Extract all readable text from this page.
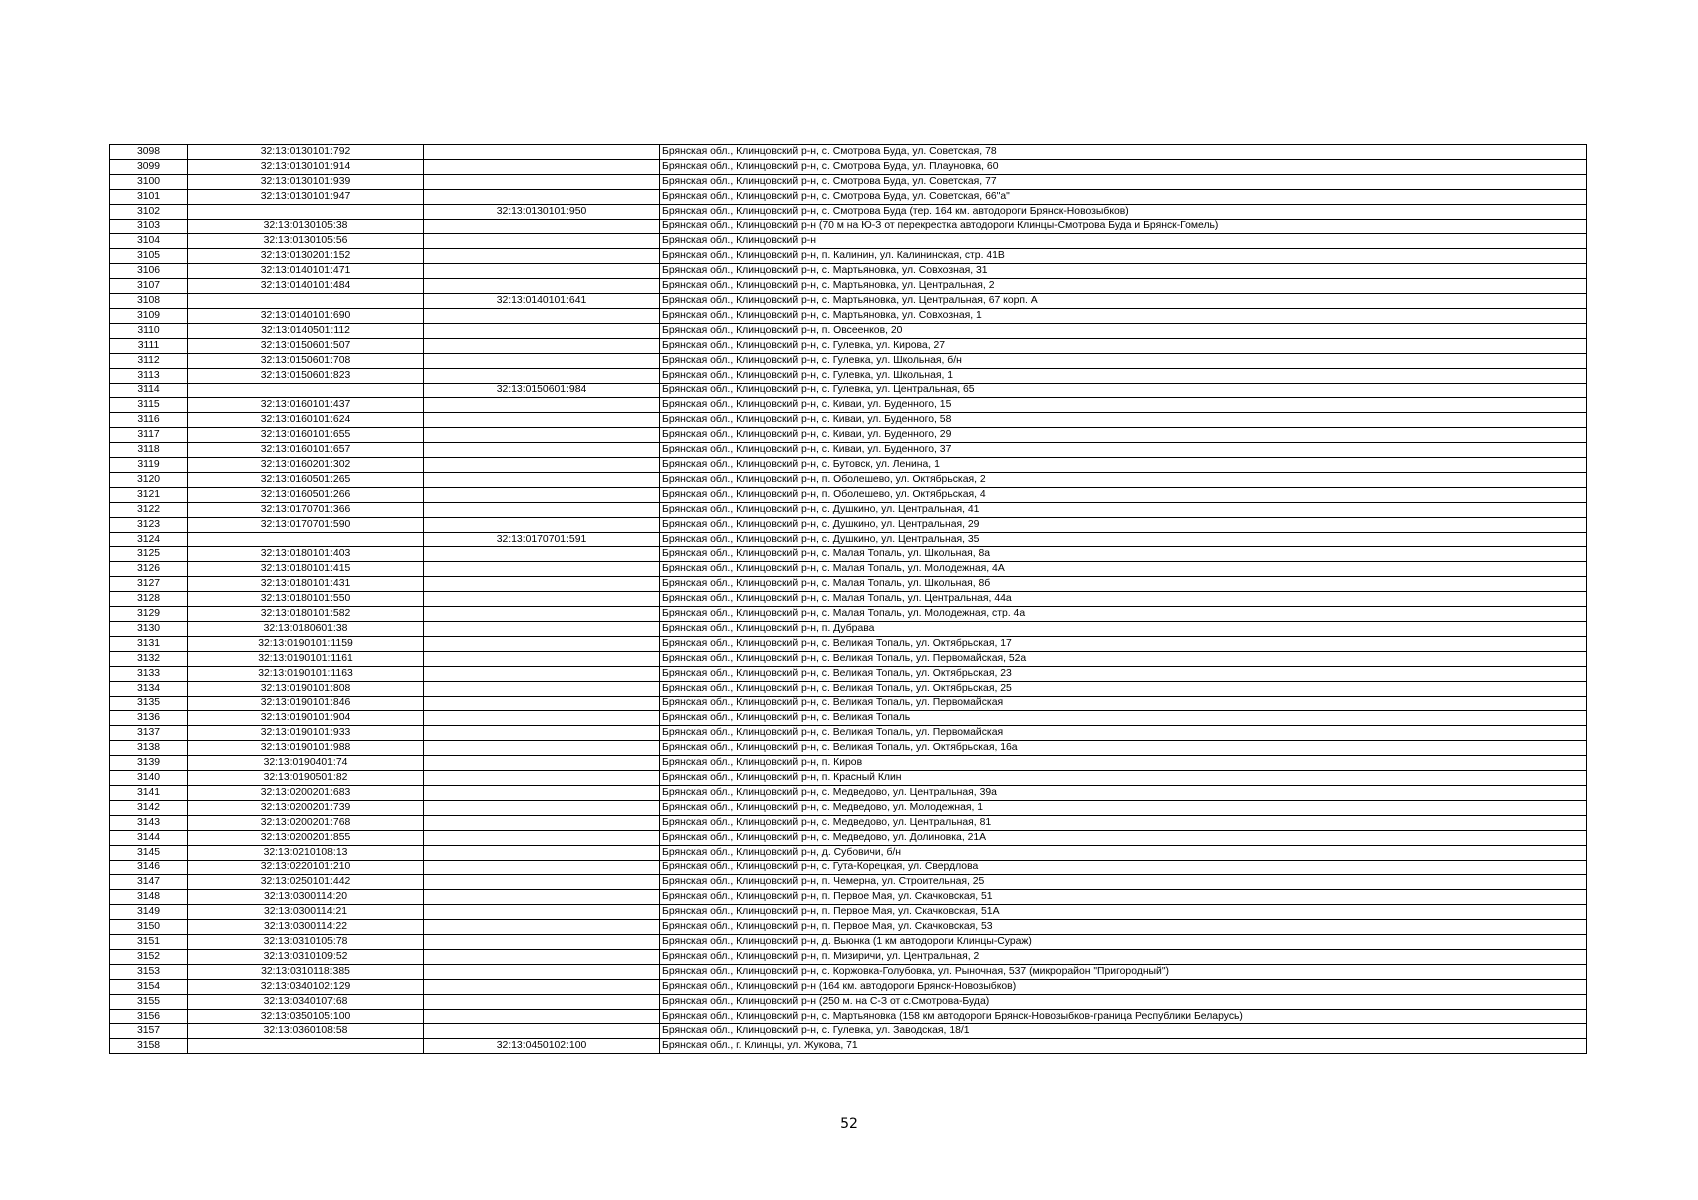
3098	32:13:0130101:792		Брянская обл., Клинцовский р-н, с. Смотрова Буда, ул. Советская, 78
3099	32:13:0130101:914		Брянская обл., Клинцовский р-н, с. Смотрова Буда, ул. Плауновка, 60
3100	32:13:0130101:939		Брянская обл., Клинцовский р-н, с. Смотрова Буда, ул. Советская, 77
3101	32:13:0130101:947		Брянская обл., Клинцовский р-н, с. Смотрова Буда, ул. Советская, 66"а"
3102		32:13:0130101:950	Брянская обл., Клинцовский р-н, с. Смотрова Буда (тер. 164 км. автодороги Брянск-Новозыбков)
3103	32:13:0130105:38		Брянская обл., Клинцовский р-н (70 м на Ю-З от перекрестка автодороги Клинцы-Смотрова Буда и Брянск-Гомель)
3104	32:13:0130105:56		Брянская обл., Клинцовский р-н
3105	32:13:0130201:152		Брянская обл., Клинцовский р-н, п. Калинин, ул. Калининская, стр. 41В
3106	32:13:0140101:471		Брянская обл., Клинцовский р-н, с. Мартьяновка, ул. Совхозная, 31
3107	32:13:0140101:484		Брянская обл., Клинцовский р-н, с. Мартьяновка, ул. Центральная, 2
3108		32:13:0140101:641	Брянская обл., Клинцовский р-н, с. Мартьяновка, ул. Центральная, 67 корп. А
3109	32:13:0140101:690		Брянская обл., Клинцовский р-н, с. Мартьяновка, ул. Совхозная, 1
3110	32:13:0140501:112		Брянская обл., Клинцовский р-н, п. Овсеенков, 20
3111	32:13:0150601:507		Брянская обл., Клинцовский р-н, с. Гулевка, ул. Кирова, 27
3112	32:13:0150601:708		Брянская обл., Клинцовский р-н, с. Гулевка, ул. Школьная, б/н
3113	32:13:0150601:823		Брянская обл., Клинцовский р-н, с. Гулевка, ул. Школьная, 1
3114		32:13:0150601:984	Брянская обл., Клинцовский р-н, с. Гулевка, ул. Центральная, 65
3115	32:13:0160101:437		Брянская обл., Клинцовский р-н, с. Киваи, ул. Буденного, 15
3116	32:13:0160101:624		Брянская обл., Клинцовский р-н, с. Киваи, ул. Буденного, 58
3117	32:13:0160101:655		Брянская обл., Клинцовский р-н, с. Киваи, ул. Буденного, 29
3118	32:13:0160101:657		Брянская обл., Клинцовский р-н, с. Киваи, ул. Буденного, 37
3119	32:13:0160201:302		Брянская обл., Клинцовский р-н, с. Бутовск, ул. Ленина, 1
3120	32:13:0160501:265		Брянская обл., Клинцовский р-н, п. Оболешево, ул. Октябрьская, 2
3121	32:13:0160501:266		Брянская обл., Клинцовский р-н, п. Оболешево, ул. Октябрьская, 4
3122	32:13:0170701:366		Брянская обл., Клинцовский р-н, с. Душкино, ул. Центральная, 41
3123	32:13:0170701:590		Брянская обл., Клинцовский р-н, с. Душкино, ул. Центральная, 29
3124		32:13:0170701:591	Брянская обл., Клинцовский р-н, с. Душкино, ул. Центральная, 35
3125	32:13:0180101:403		Брянская обл., Клинцовский р-н, с. Малая Топаль, ул. Школьная, 8а
3126	32:13:0180101:415		Брянская обл., Клинцовский р-н, с. Малая Топаль, ул. Молодежная, 4А
3127	32:13:0180101:431		Брянская обл., Клинцовский р-н, с. Малая Топаль, ул. Школьная, 8б
3128	32:13:0180101:550		Брянская обл., Клинцовский р-н, с. Малая Топаль, ул. Центральная, 44а
3129	32:13:0180101:582		Брянская обл., Клинцовский р-н, с. Малая Топаль, ул. Молодежная, стр. 4а
3130	32:13:0180601:38		Брянская обл., Клинцовский р-н, п. Дубрава
3131	32:13:0190101:1159		Брянская обл., Клинцовский р-н, с. Великая Топаль, ул. Октябрьская, 17
3132	32:13:0190101:1161		Брянская обл., Клинцовский р-н, с. Великая Топаль, ул. Первомайская, 52а
3133	32:13:0190101:1163		Брянская обл., Клинцовский р-н, с. Великая Топаль, ул. Октябрьская, 23
3134	32:13:0190101:808		Брянская обл., Клинцовский р-н, с. Великая Топаль, ул. Октябрьская, 25
3135	32:13:0190101:846		Брянская обл., Клинцовский р-н, с. Великая Топаль, ул. Первомайская
3136	32:13:0190101:904		Брянская обл., Клинцовский р-н, с. Великая Топаль
3137	32:13:0190101:933		Брянская обл., Клинцовский р-н, с. Великая Топаль, ул. Первомайская
3138	32:13:0190101:988		Брянская обл., Клинцовский р-н, с. Великая Топаль, ул. Октябрьская, 16а
3139	32:13:0190401:74		Брянская обл., Клинцовский р-н, п. Киров
3140	32:13:0190501:82		Брянская обл., Клинцовский р-н, п. Красный Клин
3141	32:13:0200201:683		Брянская обл., Клинцовский р-н, с. Медведово, ул. Центральная, 39а
3142	32:13:0200201:739		Брянская обл., Клинцовский р-н, с. Медведово, ул. Молодежная, 1
3143	32:13:0200201:768		Брянская обл., Клинцовский р-н, с. Медведово, ул. Центральная, 81
3144	32:13:0200201:855		Брянская обл., Клинцовский р-н, с. Медведово, ул. Долиновка, 21А
3145	32:13:0210108:13		Брянская обл., Клинцовский р-н, д. Субовичи, б/н
3146	32:13:0220101:210		Брянская обл., Клинцовский р-н, с. Гута-Корецкая, ул. Свердлова
3147	32:13:0250101:442		Брянская обл., Клинцовский р-н, п. Чемерна, ул. Строительная, 25
3148	32:13:0300114:20		Брянская обл., Клинцовский р-н, п. Первое Мая, ул. Скачковская, 51
3149	32:13:0300114:21		Брянская обл., Клинцовский р-н, п. Первое Мая, ул. Скачковская, 51А
3150	32:13:0300114:22		Брянская обл., Клинцовский р-н, п. Первое Мая, ул. Скачковская, 53
3151	32:13:0310105:78		Брянская обл., Клинцовский р-н, д. Вьюнка (1 км автодороги Клинцы-Сураж)
3152	32:13:0310109:52		Брянская обл., Клинцовский р-н, п. Мизиричи, ул. Центральная, 2
3153	32:13:0310118:385		Брянская обл., Клинцовский р-н, с. Коржовка-Голубовка, ул. Рыночная, 537 (микрорайон "Пригородный")
3154	32:13:0340102:129		Брянская обл., Клинцовский р-н (164 км. автодороги Брянск-Новозыбков)
3155	32:13:0340107:68		Брянская обл., Клинцовский р-н (250 м. на С-З от с.Смотрова-Буда)
3156	32:13:0350105:100		Брянская обл., Клинцовский р-н, с. Мартьяновка (158 км автодороги Брянск-Новозыбков-граница Республики Беларусь)
3157	32:13:0360108:58		Брянская обл., Клинцовский р-н, с. Гулевка, ул. Заводская, 18/1
3158		32:13:0450102:100	Брянская обл., г. Клинцы, ул. Жукова, 71
52
